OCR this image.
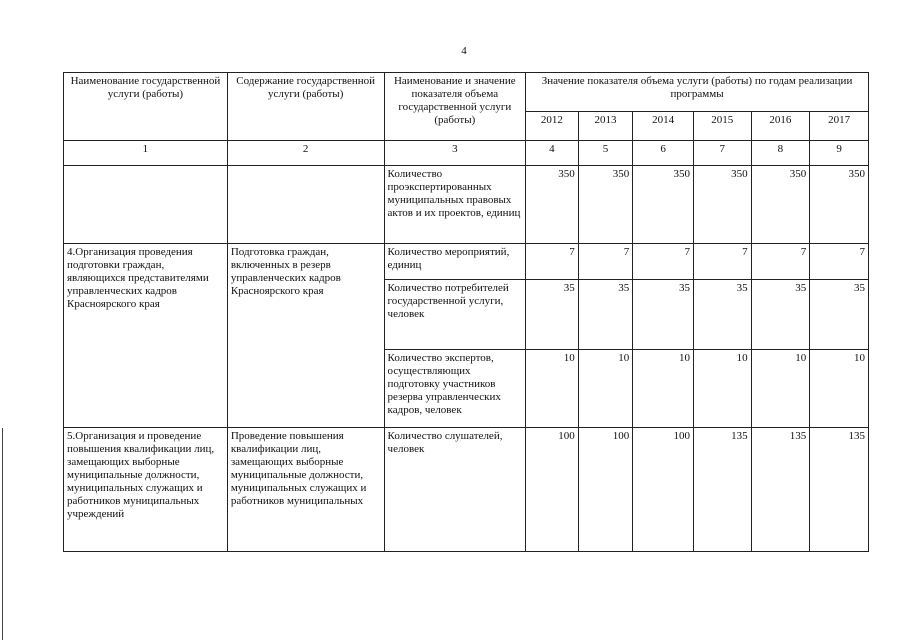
4
Наименование государственной услуги (работы)	Содержание государственной услуги (работы)	Наименование и значение показателя объема государственной услуги (работы)	Значение показателя объема услуги (работы) по годам реализации программы					
			2012	2013	2014	2015	2016	2017
1	2	3	4	5	6	7	8	9
		Количество проэкспертированных муниципальных правовых актов и их проектов, единиц	350	350	350	350	350	350
4.Организация проведения подготовки граждан, являющихся представителями управленческих кадров Красноярского края	Подготовка граждан, включенных в резерв управленческих кадров Красноярского края	Количество мероприятий, единиц	7	7	7	7	7	7
		Количество потребителей государственной услуги, человек	35	35	35	35	35	35
		Количество экспертов, осуществляющих подготовку участников резерва управленческих кадров, человек	10	10	10	10	10	10
5.Организация и проведение повышения квалификации лиц, замещающих выборные муниципальные должности, муниципальных служащих и работников муниципальных учреждений	Проведение повышения квалификации лиц, замещающих выборные муниципальные должности, муниципальных служащих и работников муниципальных	Количество слушателей, человек	100	100	100	135	135	135
